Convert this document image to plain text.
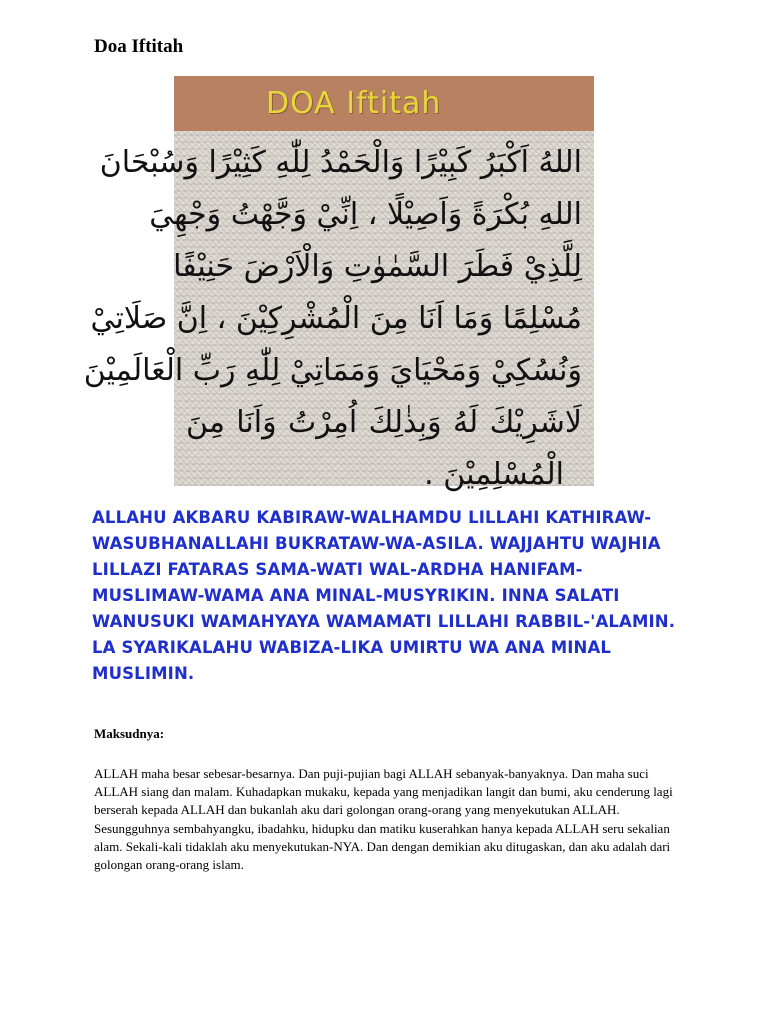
Doa Iftitah
DOA Iftitah
اللهُ اَكْبَرُ كَبِيْرًا وَالْحَمْدُ لِلّٰهِ كَثِيْرًا وَسُبْحَانَ
اللهِ بُكْرَةً وَاَصِيْلًا ، اِنِّيْ وَجَّهْتُ وَجْهِيَ
لِلَّذِيْ فَطَرَ السَّمٰوٰتِ وَالْاَرْضَ حَنِيْفًا
مُسْلِمًا وَمَا اَنَا مِنَ الْمُشْرِكِيْنَ ، اِنَّ صَلَاتِيْ
وَنُسُكِيْ وَمَحْيَايَ وَمَمَاتِيْ لِلّٰهِ رَبِّ الْعَالَمِيْنَ
لَاشَرِيْكَ لَهُ وَبِذٰلِكَ اُمِرْتُ وَاَنَا مِنَ
الْمُسْلِمِيْنَ .

ALLAHU AKBARU KABIRAW-WALHAMDU LILLAHI KATHIRAW-WASUBHANALLAHI BUKRATAW-WA-ASILA. WAJJAHTU WAJHIA LILLAZI FATARAS SAMA-WATI WAL-ARDHA HANIFAM-MUSLIMAW-WAMA ANA MINAL-MUSYRIKIN. INNA SALATI WANUSUKI WAMAHYAYA WAMAMATI LILLAHI RABBIL-'ALAMIN. LA SYARIKALAHU WABIZA-LIKA UMIRTU WA ANA MINAL MUSLIMIN.

Maksudnya:

ALLAH maha besar sebesar-besarnya. Dan puji-pujian bagi ALLAH sebanyak-banyaknya. Dan maha suci ALLAH siang dan malam. Kuhadapkan mukaku, kepada yang menjadikan langit dan bumi, aku cenderung lagi berserah kepada ALLAH dan bukanlah aku dari golongan orang-orang yang menyekutukan ALLAH. Sesungguhnya sembahyangku, ibadahku, hidupku dan matiku kuserahkan hanya kepada ALLAH seru sekalian alam. Sekali-kali tidaklah aku menyekutukan-NYA. Dan dengan demikian aku ditugaskan, dan aku adalah dari golongan orang-orang islam.
